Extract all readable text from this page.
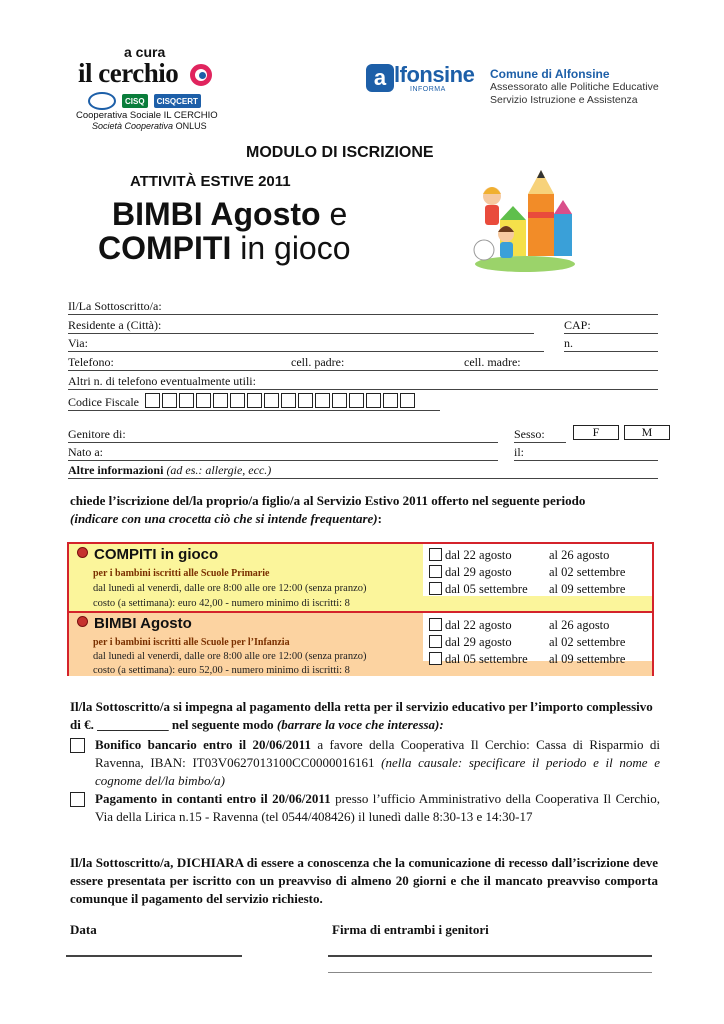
a cura
il cerchio
CISQ	CISQCERT
Cooperativa Sociale IL CERCHIO
Società Cooperativa ONLUS
a lfonsine
INFORMA
Comune di Alfonsine
Assessorato alle Politiche Educative
Servizio Istruzione e Assistenza
MODULO DI ISCRIZIONE
ATTIVITÀ ESTIVE 2011
BIMBI Agosto e
COMPITI in gioco
Il/La Sottoscritto/a:
Residente a (Città):	CAP:
Via:	n.
Telefono:	cell. padre:	cell. madre:
Altri n. di telefono eventualmente utili:
Codice Fiscale
Genitore di:	Sesso:	F	M
Nato a:	il:
Altre informazioni (ad es.: allergie, ecc.)
chiede l’iscrizione del/la proprio/a figlio/a al Servizio Estivo 2011 offerto nel seguente periodo
(indicare con una crocetta ciò che si intende frequentare):
COMPITI in gioco
per i bambini iscritti alle Scuole Primarie
dal lunedì al venerdì, dalle ore 8:00 alle ore 12:00 (senza pranzo)
costo (a settimana): euro 42,00 - numero minimo di iscritti: 8
dal 22 agosto	al 26 agosto
dal 29 agosto	al 02 settembre
dal 05 settembre al 09 settembre
BIMBI Agosto
per i bambini iscritti alle Scuole per l’Infanzia
dal lunedì al venerdì, dalle ore 8:00 alle ore 12:00 (senza pranzo)
costo (a settimana): euro 52,00 - numero minimo di iscritti: 8
dal 22 agosto	al 26 agosto
dal 29 agosto	al 02 settembre
dal 05 settembre al 09 settembre
Il/la Sottoscritto/a si impegna al pagamento della retta per il servizio educativo per l’importo complessivo di €. ___________ nel seguente modo (barrare la voce che interessa):
Bonifico bancario entro il 20/06/2011 a favore della Cooperativa Il Cerchio: Cassa di Risparmio di Ravenna, IBAN: IT03V0627013100CC0000016161 (nella causale: specificare il periodo e il nome e cognome del/la bimbo/a)
Pagamento in contanti entro il 20/06/2011 presso l’ufficio Amministrativo della Cooperativa Il Cerchio, Via della Lirica n.15 - Ravenna (tel 0544/408426) il lunedì dalle 8:30-13 e 14:30-17
Il/la Sottoscritto/a, DICHIARA di essere a conoscenza che la comunicazione di recesso dall’iscrizione deve essere presentata per iscritto con un preavviso di almeno 20 giorni e che il mancato preavviso comporta comunque il pagamento del servizio richiesto.
Data	Firma di entrambi i genitori
